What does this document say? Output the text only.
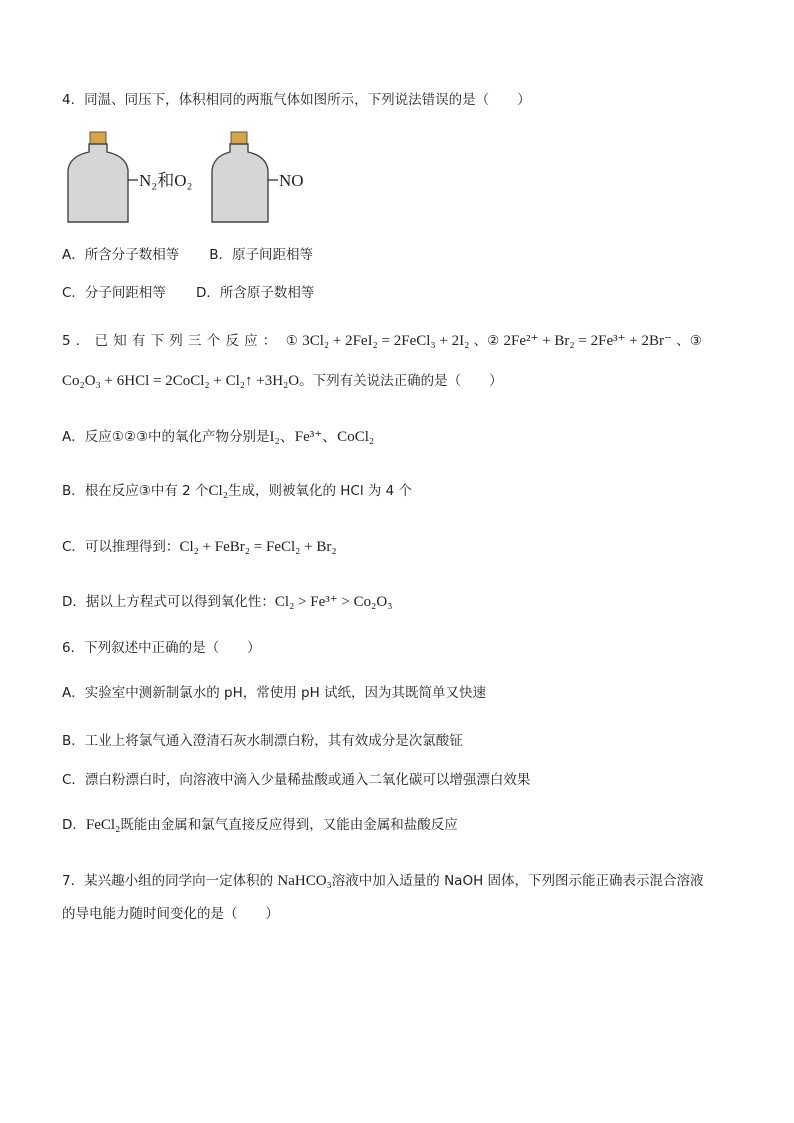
4．同温、同压下，体积相同的两瓶气体如图所示，下列说法错误的是（ ）
N₂和O₂	NO
A．所含分子数相等 B．原子间距相等
C．分子间距相等 D．所含原子数相等
5．已知有下列三个反应： ① 3Cl₂ + 2FeI₂ = 2FeCl₃ + 2I₂ 、② 2Fe²⁺ + Br₂ = 2Fe³⁺ + 2Br⁻ 、③
Co₂O₃ + 6HCl = 2CoCl₂ + Cl₂↑ +3H₂O。下列有关说法正确的是（ ）
A．反应①②③中的氧化产物分别是I₂、Fe³⁺、CoCl₂
B．根在反应③中有 2 个Cl₂生成，则被氧化的 HCl 为 4 个
C．可以推理得到：Cl₂ + FeBr₂ = FeCl₂ + Br₂
D．据以上方程式可以得到氧化性：Cl₂ > Fe³⁺ > Co₂O₃
6．下列叙述中正确的是（ ）
A．实验室中测新制氯水的 pH，常使用 pH 试纸，因为其既简单又快速
B．工业上将氯气通入澄清石灰水制漂白粉，其有效成分是次氯酸钲
C．漂白粉漂白时，向溶液中滴入少量稀盐酸或通入二氧化碳可以增强漂白效果
D．FeCl₂既能由金属和氯气直接反应得到，又能由金属和盐酸反应
7．某兴趣小组的同学向一定体积的 NaHCO₃溶液中加入适量的 NaOH 固体，下列图示能正确表示混合溶液
的导电能力随时间变化的是（ ）
